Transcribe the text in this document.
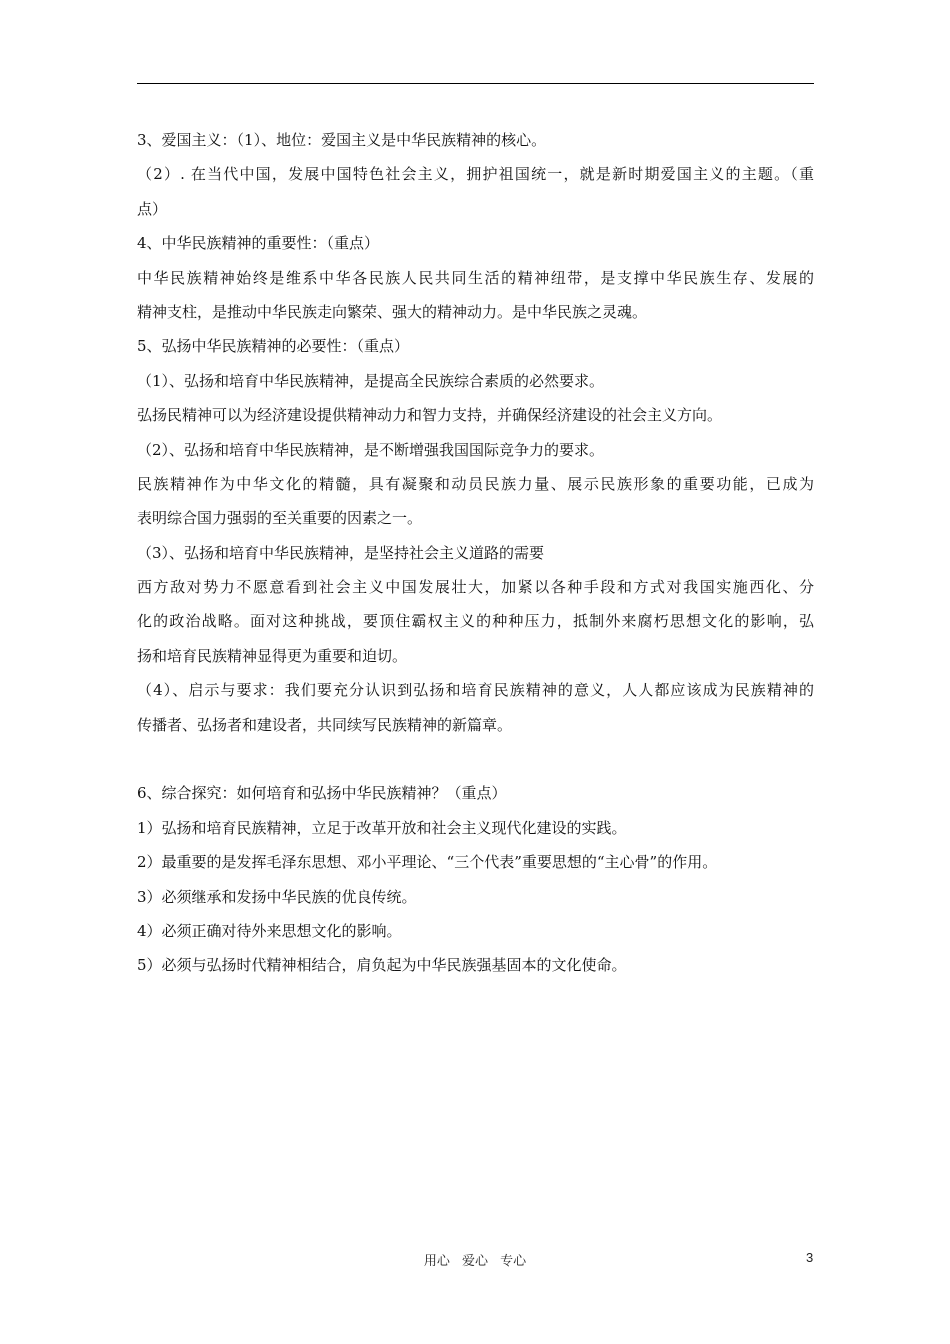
3、爱国主义：（1）、地位：爱国主义是中华民族精神的核心。
（2）. 在当代中国，发展中国特色社会主义，拥护祖国统一，就是新时期爱国主义的主题。（重
点）
4、中华民族精神的重要性：（重点）
中华民族精神始终是维系中华各民族人民共同生活的精神纽带，是支撑中华民族生存、发展的
精神支柱，是推动中华民族走向繁荣、强大的精神动力。是中华民族之灵魂。
5、弘扬中华民族精神的必要性：（重点）
（1）、弘扬和培育中华民族精神，是提高全民族综合素质的必然要求。
弘扬民精神可以为经济建设提供精神动力和智力支持，并确保经济建设的社会主义方向。
（2）、弘扬和培育中华民族精神，是不断增强我国国际竞争力的要求。
民族精神作为中华文化的精髓，具有凝聚和动员民族力量、展示民族形象的重要功能，已成为
表明综合国力强弱的至关重要的因素之一。
（3）、弘扬和培育中华民族精神，是坚持社会主义道路的需要
西方敌对势力不愿意看到社会主义中国发展壮大，加紧以各种手段和方式对我国实施西化、分
化的政治战略。面对这种挑战，要顶住霸权主义的种种压力，抵制外来腐朽思想文化的影响，弘
扬和培育民族精神显得更为重要和迫切。
（4）、启示与要求：我们要充分认识到弘扬和培育民族精神的意义，人人都应该成为民族精神的
传播者、弘扬者和建设者，共同续写民族精神的新篇章。
6、综合探究：如何培育和弘扬中华民族精神？（重点）
1）弘扬和培育民族精神，立足于改革开放和社会主义现代化建设的实践。
2）最重要的是发挥毛泽东思想、邓小平理论、“三个代表”重要思想的“主心骨”的作用。
3）必须继承和发扬中华民族的优良传统。
4）必须正确对待外来思想文化的影响。
5）必须与弘扬时代精神相结合，肩负起为中华民族强基固本的文化使命。
用心 爱心 专心	3
